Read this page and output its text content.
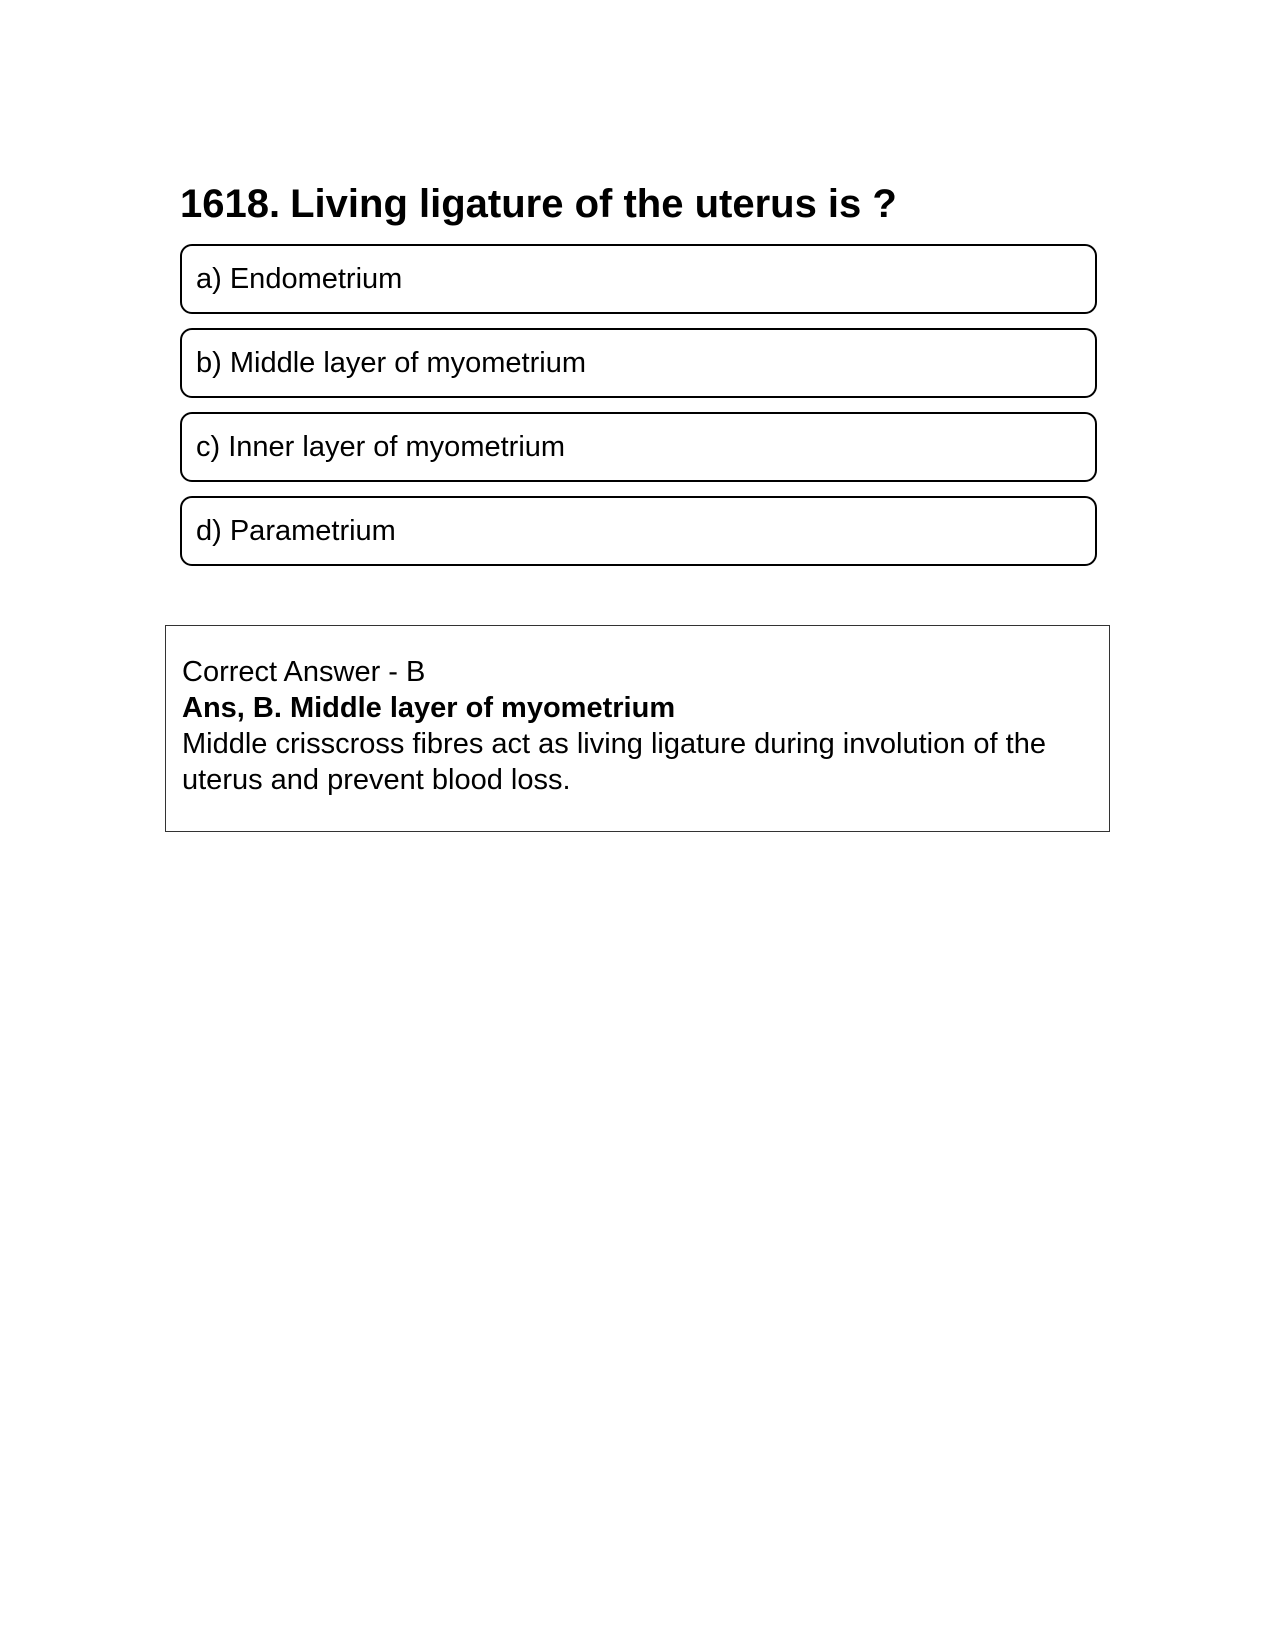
1618. Living ligature of the uterus is ?
a) Endometrium
b) Middle layer of myometrium
c) Inner layer of myometrium
d) Parametrium

Correct Answer - B

Ans, B. Middle layer of myometrium

Middle crisscross fibres act as living ligature during involution of the uterus and prevent blood loss.
